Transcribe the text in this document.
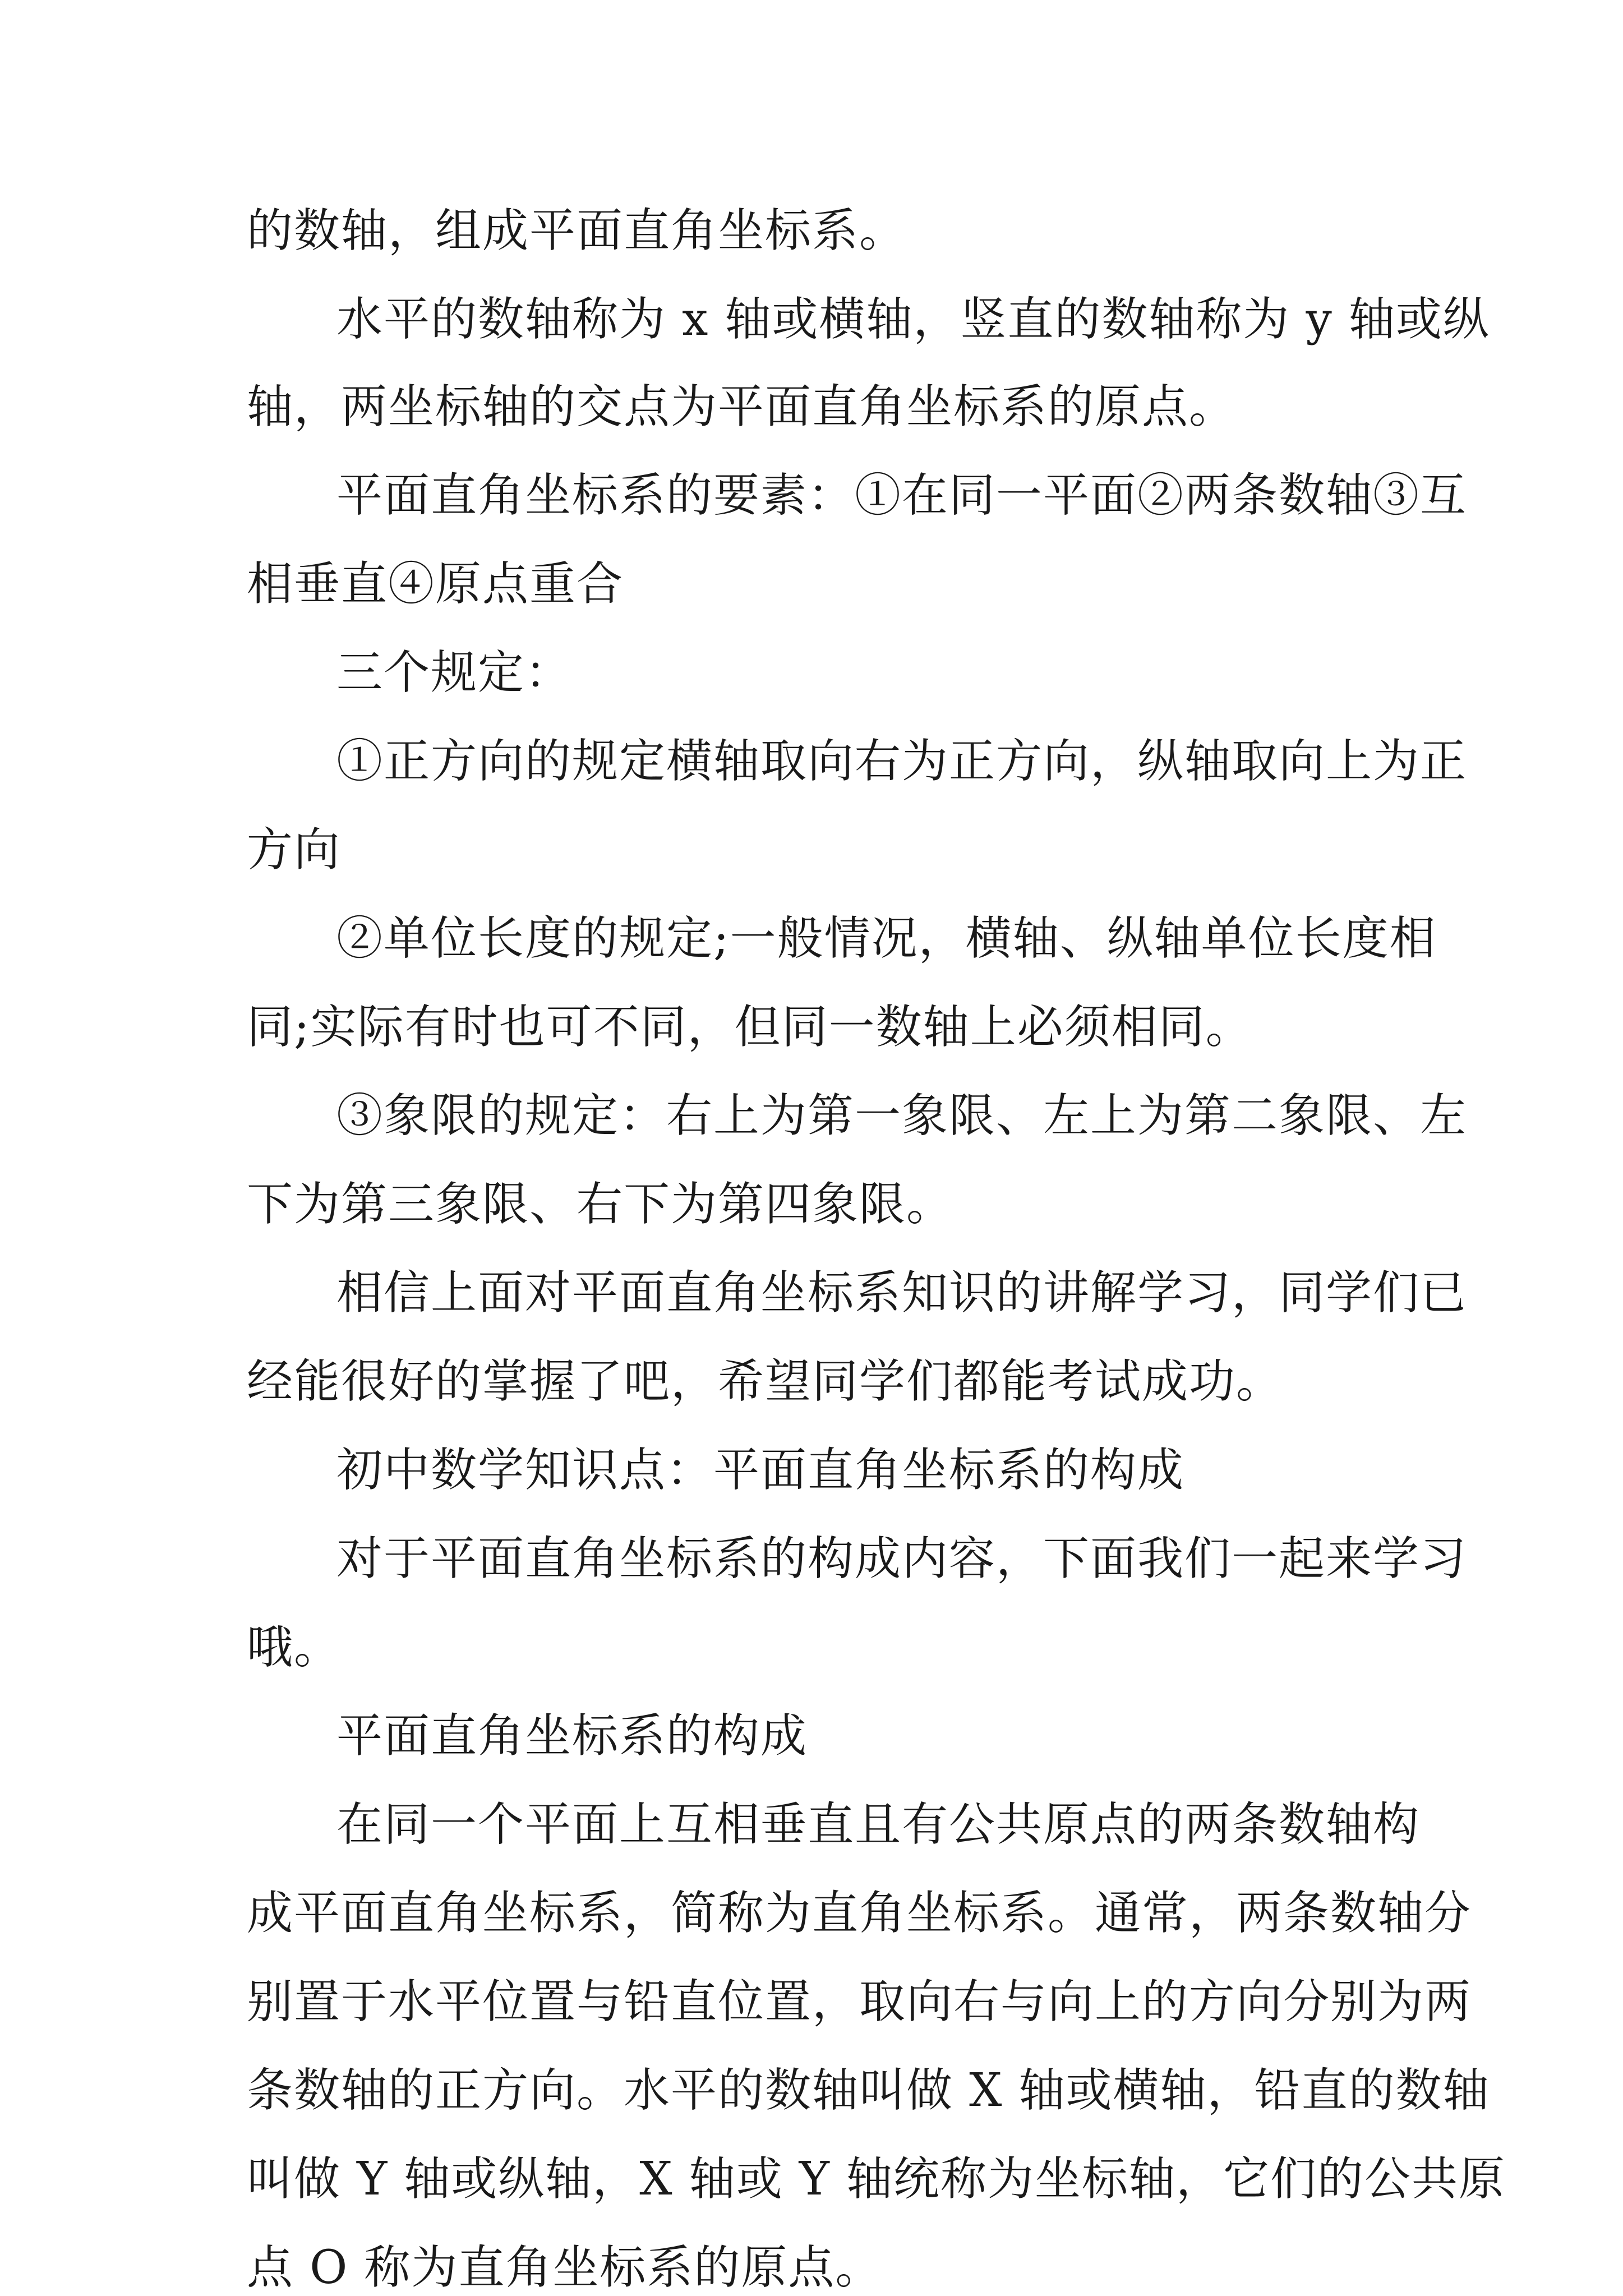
的数轴，组成平面直角坐标系。
水平的数轴称为 x 轴或横轴，竖直的数轴称为 y 轴或纵
轴，两坐标轴的交点为平面直角坐标系的原点。
平面直角坐标系的要素：①在同一平面②两条数轴③互
相垂直④原点重合
三个规定：
①正方向的规定横轴取向右为正方向，纵轴取向上为正
方向
②单位长度的规定;一般情况，横轴、纵轴单位长度相
同;实际有时也可不同，但同一数轴上必须相同。
③象限的规定：右上为第一象限、左上为第二象限、左
下为第三象限、右下为第四象限。
相信上面对平面直角坐标系知识的讲解学习，同学们已
经能很好的掌握了吧，希望同学们都能考试成功。
初中数学知识点：平面直角坐标系的构成
对于平面直角坐标系的构成内容，下面我们一起来学习
哦。
平面直角坐标系的构成
在同一个平面上互相垂直且有公共原点的两条数轴构
成平面直角坐标系，简称为直角坐标系。通常，两条数轴分
别置于水平位置与铅直位置，取向右与向上的方向分别为两
条数轴的正方向。水平的数轴叫做 X 轴或横轴，铅直的数轴
叫做 Y 轴或纵轴，X 轴或 Y 轴统称为坐标轴，它们的公共原
点 O 称为直角坐标系的原点。
